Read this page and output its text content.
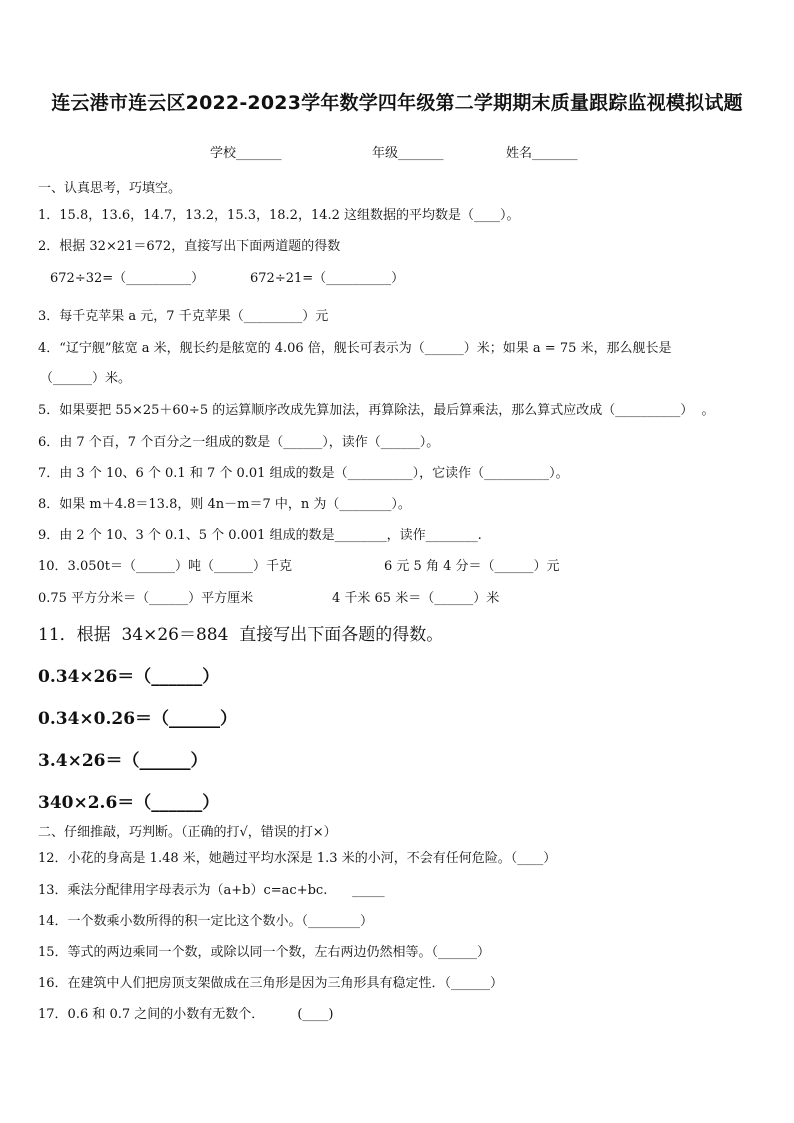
连云港市连云区2022-2023学年数学四年级第二学期期末质量跟踪监视模拟试题
学校_______	年级_______	姓名_______
一、认真思考，巧填空。
1．15.8，13.6，14.7，13.2，15.3，18.2，14.2 这组数据的平均数是（____）。
2．根据 32×21＝672，直接写出下面两道题的得数
672÷32=（__________）	672÷21=（__________）
3．每千克苹果 a 元，7 千克苹果（_________）元
4．“辽宁舰”舷宽 a 米，舰长约是舷宽的 4.06 倍，舰长可表示为（______）米；如果 a = 75 米，那么舰长是
（______）米。
5．如果要把 55×25＋60÷5 的运算顺序改成先算加法，再算除法，最后算乘法，那么算式应改成（__________）  。
6．由 7 个百，7 个百分之一组成的数是（______），读作（______）。
7．由 3 个 10、6 个 0.1 和 7 个 0.01 组成的数是（__________），它读作（__________）。
8．如果 m＋4.8＝13.8，则 4n－m＝7 中，n 为（________）。
9．由 2 个 10、3 个 0.1、5 个 0.001 组成的数是________，读作________.
10．3.050t＝（______）吨（______）千克	6 元 5 角 4 分＝（______）元
0.75 平方分米＝（______）平方厘米	4 千米 65 米＝（______）米
11．根据  34×26＝884  直接写出下面各题的得数。
0.34×26＝（______）
0.34×0.26＝（______）
3.4×26＝（______）
340×2.6＝（______）
二、仔细推敲，巧判断。（正确的打√，错误的打×）
12．小花的身高是 1.48 米，她趟过平均水深是 1.3 米的小河，不会有任何危险。（____）
13．乘法分配律用字母表示为（a+b）c=ac+bc.      _____
14．一个数乘小数所得的积一定比这个数小。（________）
15．等式的两边乘同一个数，或除以同一个数，左右两边仍然相等。（______）
16．在建筑中人们把房顶支架做成在三角形是因为三角形具有稳定性．（______）
17．0.6 和 0.7 之间的小数有无数个．        (____)
